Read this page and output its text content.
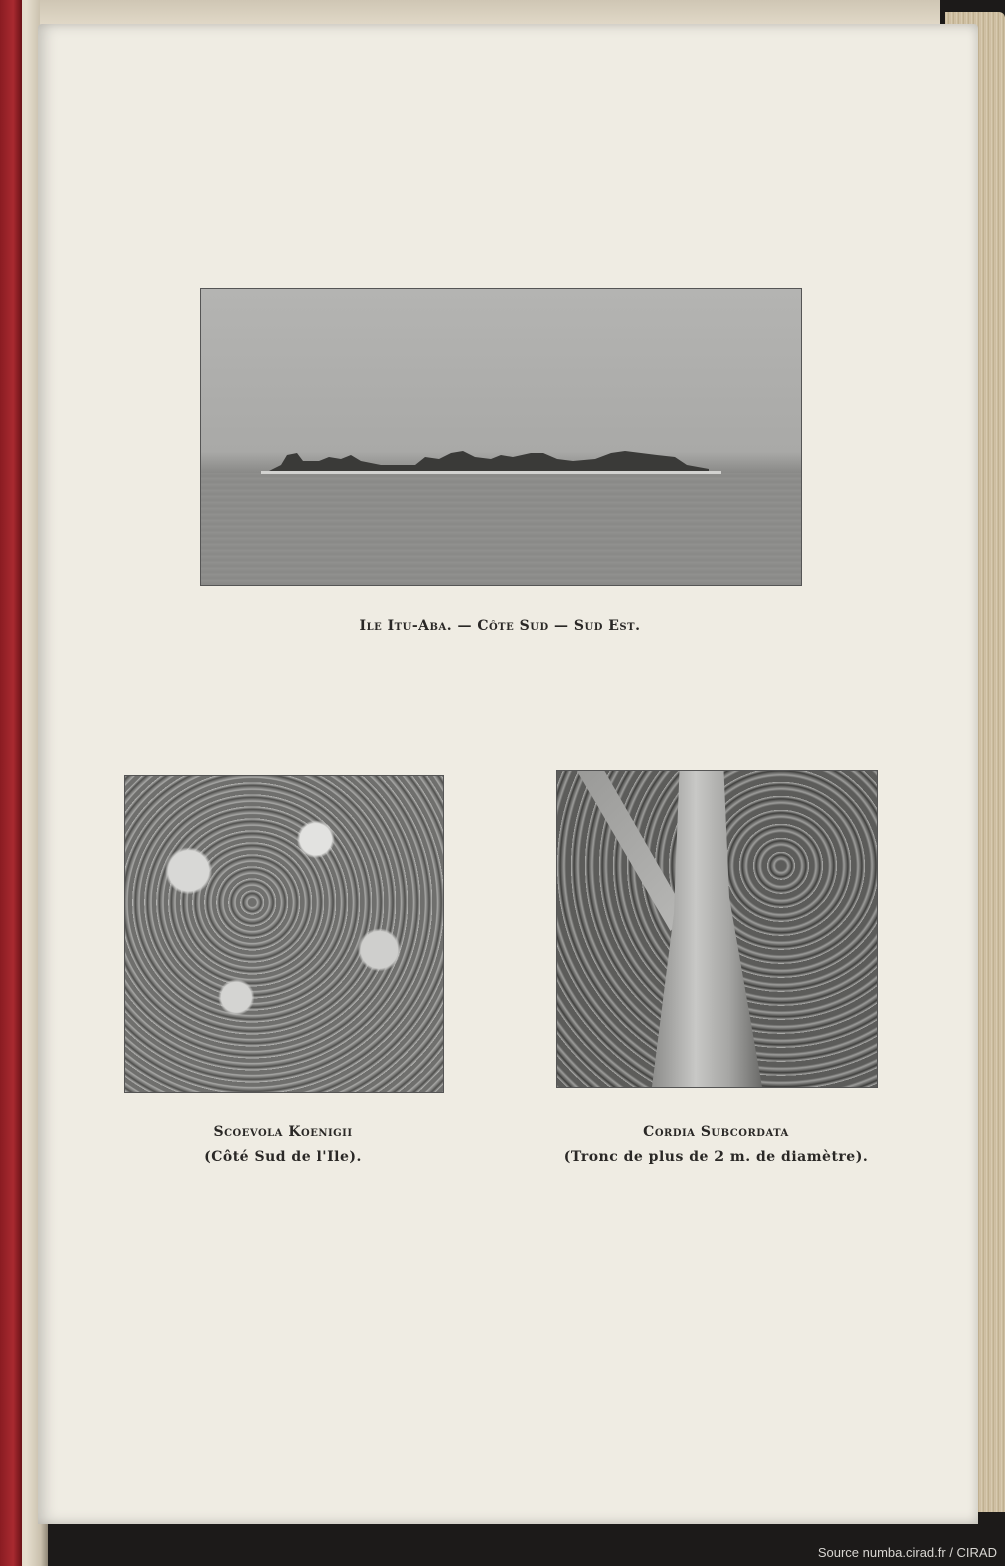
Ile Itu-Aba. — Côte Sud — Sud Est.
Scoevola Koenigii
(Côté Sud de l'Ile).
Cordia Subcordata
(Tronc de plus de 2 m. de diamètre).
Source numba.cirad.fr / CIRAD
